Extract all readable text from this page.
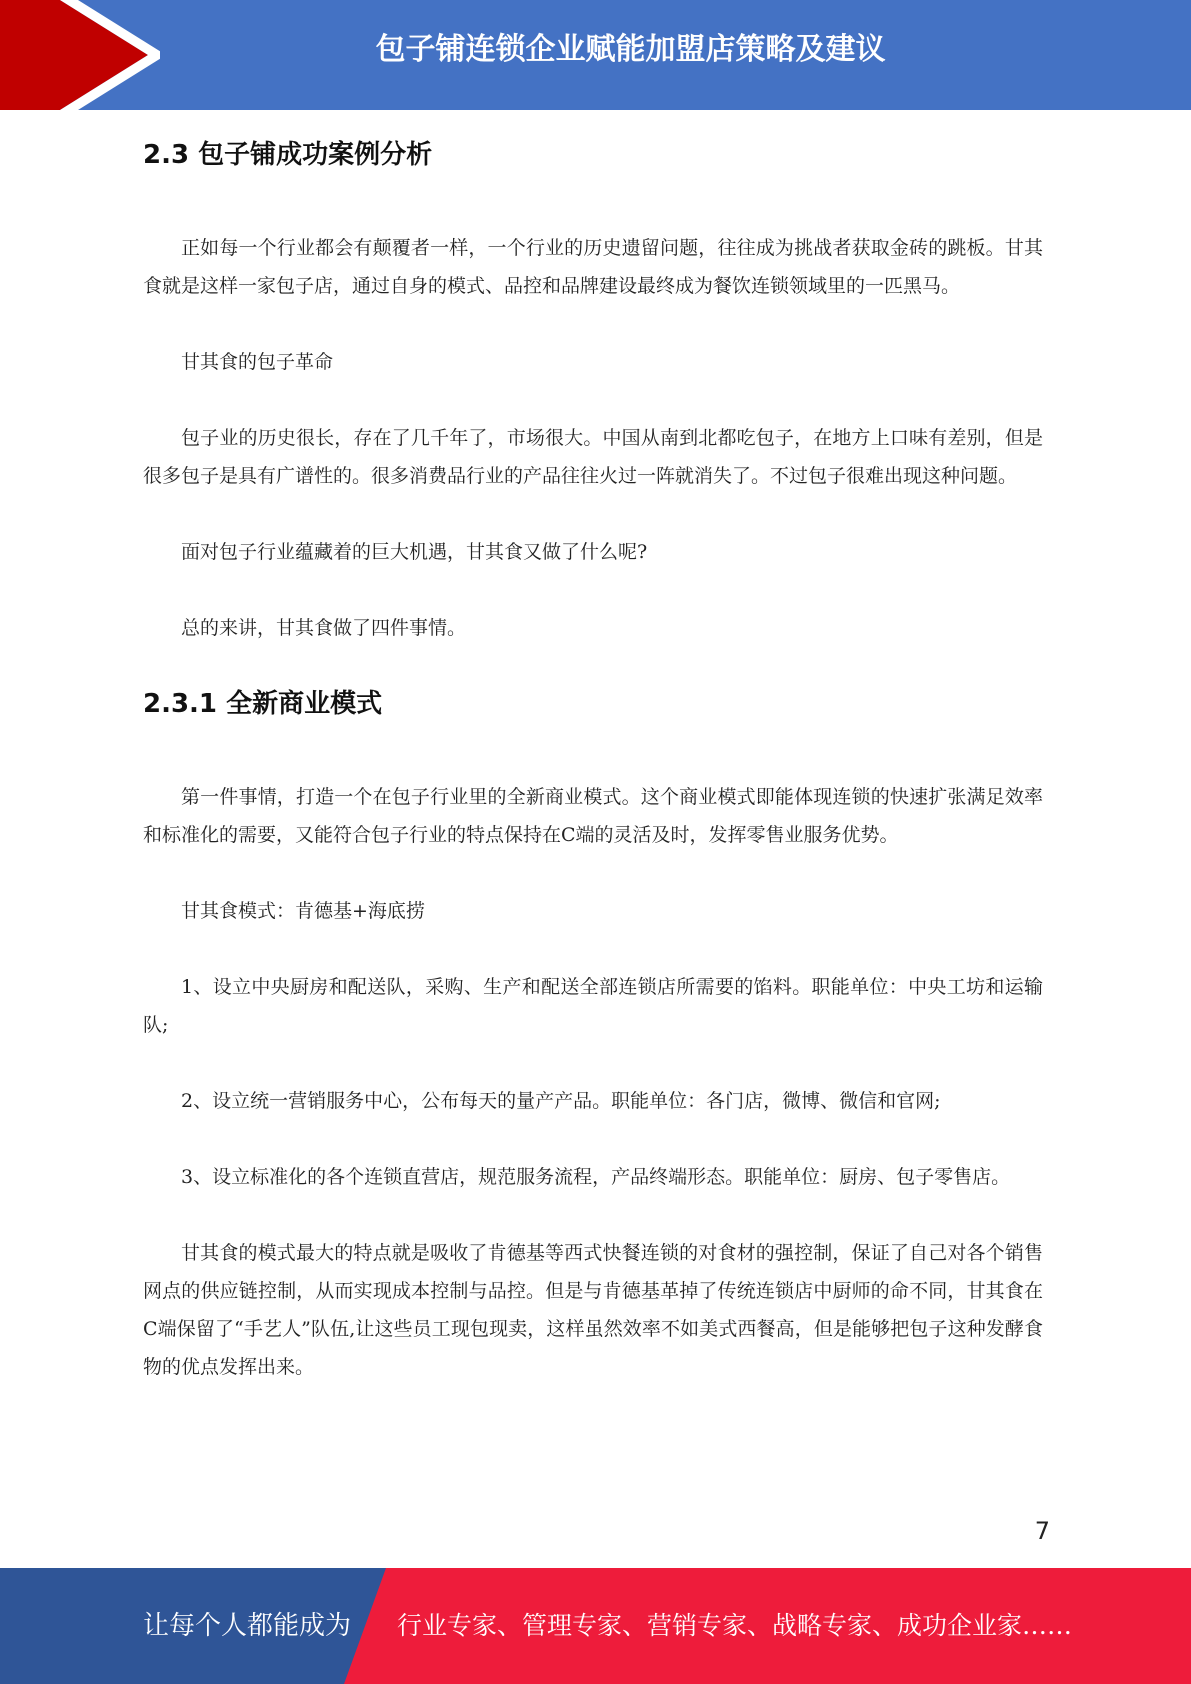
包子铺连锁企业赋能加盟店策略及建议
2.3 包子铺成功案例分析

正如每一个行业都会有颠覆者一样，一个行业的历史遗留问题，往往成为挑战者获取金砖的跳板。甘其食就是这样一家包子店，通过自身的模式、品控和品牌建设最终成为餐饮连锁领域里的一匹黑马。

甘其食的包子革命

包子业的历史很长，存在了几千年了，市场很大。中国从南到北都吃包子，在地方上口味有差别，但是很多包子是具有广谱性的。很多消费品行业的产品往往火过一阵就消失了。不过包子很难出现这种问题。

面对包子行业蕴藏着的巨大机遇，甘其食又做了什么呢?

总的来讲，甘其食做了四件事情。

2.3.1 全新商业模式

第一件事情，打造一个在包子行业里的全新商业模式。这个商业模式即能体现连锁的快速扩张满足效率和标准化的需要，又能符合包子行业的特点保持在C端的灵活及时，发挥零售业服务优势。

甘其食模式：肯德基+海底捞

1、设立中央厨房和配送队，采购、生产和配送全部连锁店所需要的馅料。职能单位：中央工坊和运输队;

2、设立统一营销服务中心，公布每天的量产产品。职能单位：各门店，微博、微信和官网;

3、设立标准化的各个连锁直营店，规范服务流程，产品终端形态。职能单位：厨房、包子零售店。

甘其食的模式最大的特点就是吸收了肯德基等西式快餐连锁的对食材的强控制，保证了自己对各个销售网点的供应链控制，从而实现成本控制与品控。但是与肯德基革掉了传统连锁店中厨师的命不同，甘其食在C端保留了“手艺人”队伍,让这些员工现包现卖，这样虽然效率不如美式西餐高，但是能够把包子这种发酵食物的优点发挥出来。

7
让每个人都能成为 行业专家、管理专家、营销专家、战略专家、成功企业家……
